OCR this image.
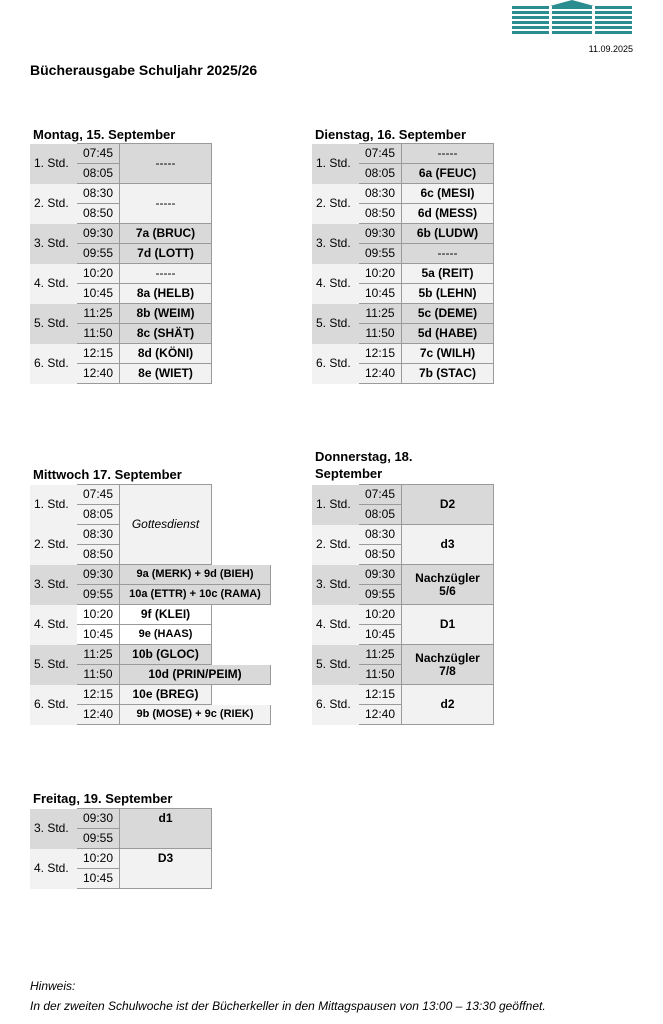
11.09.2025
Bücherausgabe Schuljahr 2025/26
Montag, 15. September
1. Std.	07:45	-----
	08:05	
2. Std.	08:30	-----
	08:50	
3. Std.	09:30	7a (BRUC)
	09:55	7d (LOTT)
4. Std.	10:20	-----
	10:45	8a (HELB)
5. Std.	11:25	8b (WEIM)
	11:50	8c (SHÄT)
6. Std.	12:15	8d (KÖNI)
	12:40	8e (WIET)
Dienstag, 16. September
1. Std.	07:45	-----
	08:05	6a (FEUC)
2. Std.	08:30	6c (MESI)
	08:50	6d (MESS)
3. Std.	09:30	6b (LUDW)
	09:55	-----
4. Std.	10:20	5a (REIT)
	10:45	5b (LEHN)
5. Std.	11:25	5c (DEME)
	11:50	5d (HABE)
6. Std.	12:15	7c (WILH)
	12:40	7b (STAC)
Mittwoch 17. September
1. Std.	07:45	Gottesdienst	
	08:05		
2. Std.	08:30		
	08:50		
3. Std.	09:30	9a (MERK) + 9d (BIEH)	
	09:55	10a (ETTR) + 10c (RAMA)	
4. Std.	10:20	9f (KLEI)	
	10:45	9e (HAAS)	
5. Std.	11:25	10b (GLOC)	
	11:50	10d (PRIN/PEIM)	
6. Std.	12:15	10e (BREG)	
	12:40	9b (MOSE) + 9c (RIEK)	
Donnerstag, 18.
September
1. Std.	07:45	D2
	08:05	
2. Std.	08:30	d3
	08:50	
3. Std.	09:30	Nachzügler
5/6
	09:55	
4. Std.	10:20	D1
	10:45	
5. Std.	11:25	Nachzügler
7/8
	11:50	
6. Std.	12:15	d2
	12:40	
Freitag, 19. September
3. Std.	09:30	d1
	09:55	
4. Std.	10:20	D3
	10:45	
Hinweis:
In der zweiten Schulwoche ist der Bücherkeller in den Mittagspausen von 13:00 – 13:30 geöffnet.
